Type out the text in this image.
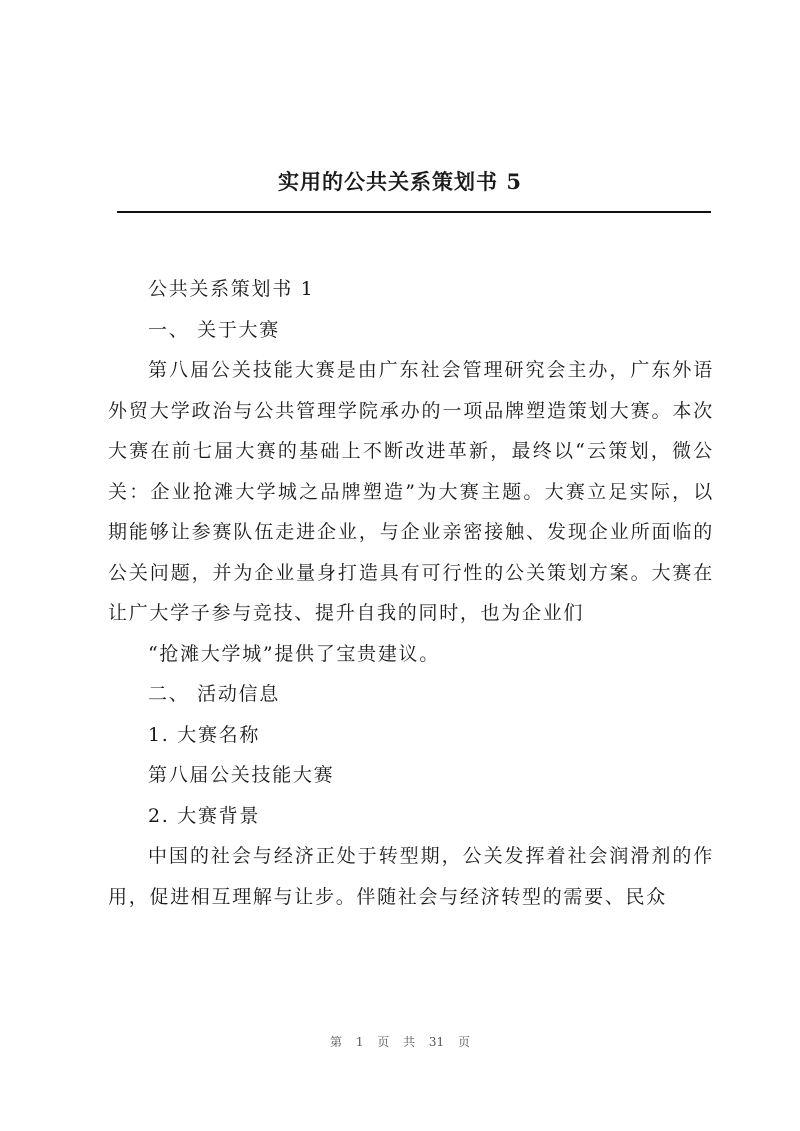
实用的公共关系策划书 5

公共关系策划书 1

一、 关于大赛

第八届公关技能大赛是由广东社会管理研究会主办，广东外语外贸大学政治与公共管理学院承办的一项品牌塑造策划大赛。本次大赛在前七届大赛的基础上不断改进革新，最终以“云策划，微公关：企业抢滩大学城之品牌塑造”为大赛主题。大赛立足实际，以期能够让参赛队伍走进企业，与企业亲密接触、发现企业所面临的公关问题，并为企业量身打造具有可行性的公关策划方案。大赛在让广大学子参与竞技、提升自我的同时，也为企业们

“抢滩大学城”提供了宝贵建议。

二、 活动信息

1. 大赛名称

第八届公关技能大赛

2. 大赛背景

中国的社会与经济正处于转型期，公关发挥着社会润滑剂的作用，促进相互理解与让步。伴随社会与经济转型的需要、民众

第 1 页 共 31 页
